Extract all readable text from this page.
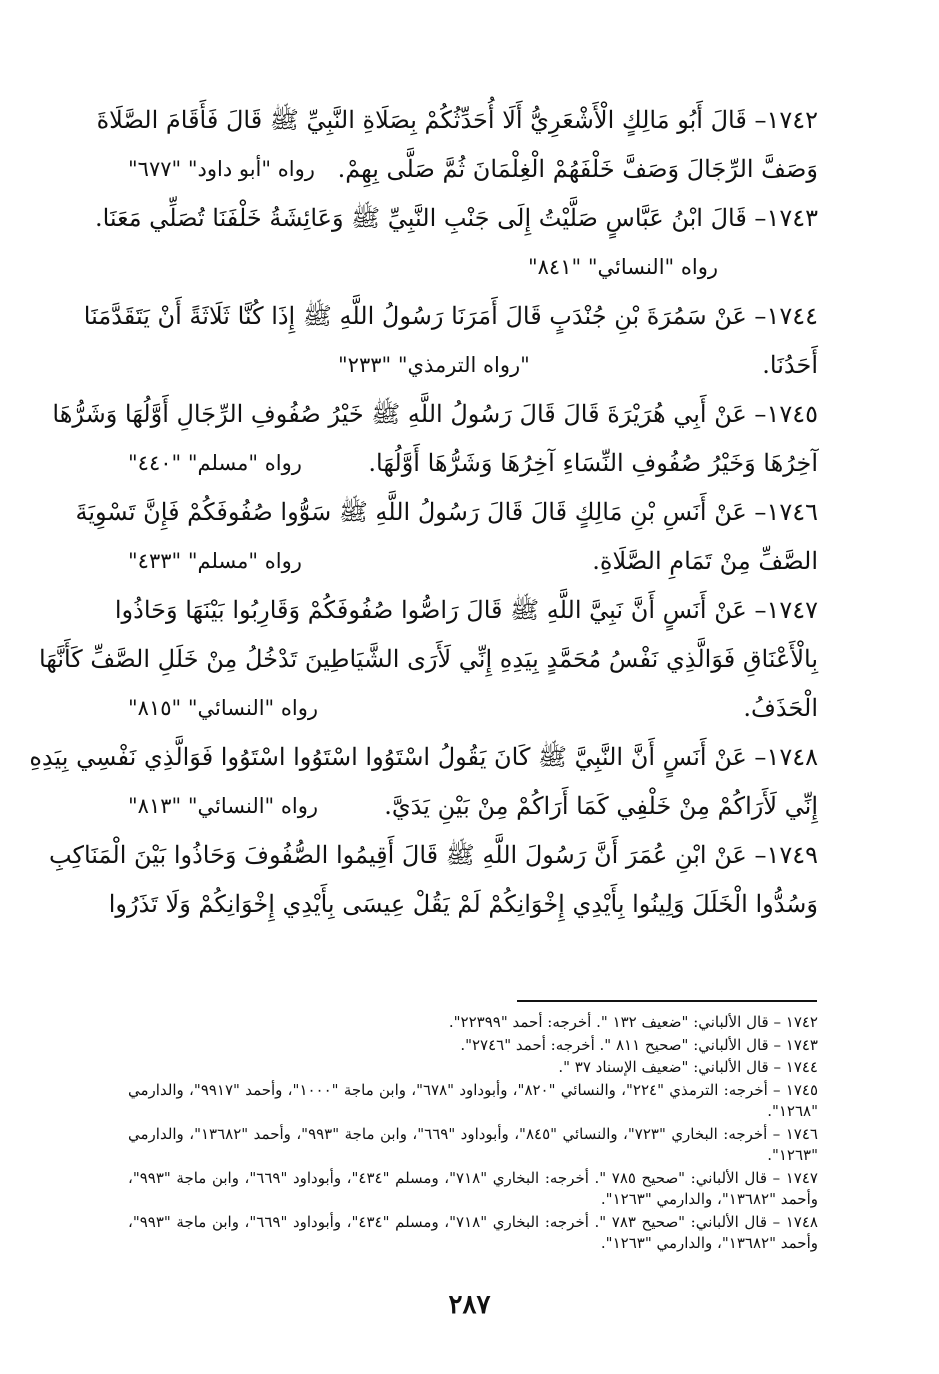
١٧٤٢– قَالَ أَبُو مَالِكٍ الْأَشْعَرِيُّ أَلَا أُحَدِّثُكُمْ بِصَلَاةِ النَّبِيِّ ﷺ قَالَ فَأَقَامَ الصَّلَاةَ
وَصَفَّ الرِّجَالَ وَصَفَّ خَلْفَهُمْ الْغِلْمَانَ ثُمَّ صَلَّى بِهِمْ.
رواه "أبو داود" "٦٧٧"
١٧٤٣– قَالَ ابْنُ عَبَّاسٍ صَلَّيْتُ إِلَى جَنْبِ النَّبِيِّ ﷺ وَعَائِشَةُ خَلْفَنَا تُصَلِّي مَعَنَا.
رواه "النسائي" "٨٤١"
١٧٤٤– عَنْ سَمُرَةَ بْنِ جُنْدَبٍ قَالَ أَمَرَنَا رَسُولُ اللَّهِ ﷺ إِذَا كُنَّا ثَلَاثَةً أَنْ يَتَقَدَّمَنَا
أَحَدُنَا.
"رواه الترمذي" "٢٣٣"
١٧٤٥– عَنْ أَبِي هُرَيْرَةَ قَالَ قَالَ رَسُولُ اللَّهِ ﷺ خَيْرُ صُفُوفِ الرِّجَالِ أَوَّلُهَا وَشَرُّهَا
آخِرُهَا وَخَيْرُ صُفُوفِ النِّسَاءِ آخِرُهَا وَشَرُّهَا أَوَّلُهَا.
رواه "مسلم" "٤٤٠"
١٧٤٦– عَنْ أَنَسِ بْنِ مَالِكٍ قَالَ قَالَ رَسُولُ اللَّهِ ﷺ سَوُّوا صُفُوفَكُمْ فَإِنَّ تَسْوِيَةَ
الصَّفِّ مِنْ تَمَامِ الصَّلَاةِ.
رواه "مسلم" "٤٣٣"
١٧٤٧– عَنْ أَنَسٍ أَنَّ نَبِيَّ اللَّهِ ﷺ قَالَ رَاصُّوا صُفُوفَكُمْ وَقَارِبُوا بَيْنَهَا وَحَاذُوا
بِالْأَعْنَاقِ فَوَالَّذِي نَفْسُ مُحَمَّدٍ بِيَدِهِ إِنِّي لَأَرَى الشَّيَاطِينَ تَدْخُلُ مِنْ خَلَلِ الصَّفِّ كَأَنَّهَا
الْحَذَفُ.
رواه "النسائي" "٨١٥"
١٧٤٨– عَنْ أَنَسٍ أَنَّ النَّبِيَّ ﷺ كَانَ يَقُولُ اسْتَوُوا اسْتَوُوا اسْتَوُوا فَوَالَّذِي نَفْسِي بِيَدِهِ
إِنِّي لَأَرَاكُمْ مِنْ خَلْفِي كَمَا أَرَاكُمْ مِنْ بَيْنِ يَدَيَّ.
رواه "النسائي" "٨١٣"
١٧٤٩– عَنْ ابْنِ عُمَرَ أَنَّ رَسُولَ اللَّهِ ﷺ قَالَ أَقِيمُوا الصُّفُوفَ وَحَاذُوا بَيْنَ الْمَنَاكِبِ
وَسُدُّوا الْخَلَلَ وَلِينُوا بِأَيْدِي إِخْوَانِكُمْ لَمْ يَقُلْ عِيسَى بِأَيْدِي إِخْوَانِكُمْ وَلَا تَذَرُوا
١٧٤٢ – قال الألباني: "ضعيف ١٣٢ ". أخرجه: أحمد "٢٢٣٩٩".
١٧٤٣ – قال الألباني: "صحيح ٨١١ ". أخرجه: أحمد "٢٧٤٦".
١٧٤٤ – قال الألباني: "ضعيف الإسناد ٣٧ ".
١٧٤٥ – أخرجه: الترمذي "٢٢٤"، والنسائي "٨٢٠"، وأبوداود "٦٧٨"، وابن ماجة "١٠٠٠"، وأحمد "٩٩١٧"، والدارمي "١٢٦٨".
١٧٤٦ – أخرجه: البخاري "٧٢٣"، والنسائي "٨٤٥"، وأبوداود "٦٦٩"، وابن ماجة "٩٩٣"، وأحمد "١٣٦٨٢"، والدارمي "١٢٦٣".
١٧٤٧ – قال الألباني: "صحيح ٧٨٥ ". أخرجه: البخاري "٧١٨"، ومسلم "٤٣٤"، وأبوداود "٦٦٩"، وابن ماجة "٩٩٣"، وأحمد "١٣٦٨٢"، والدارمي "١٢٦٣".
١٧٤٨ – قال الألباني: "صحيح ٧٨٣ ". أخرجه: البخاري "٧١٨"، ومسلم "٤٣٤"، وأبوداود "٦٦٩"، وابن ماجة "٩٩٣"، وأحمد "١٣٦٨٢"، والدارمي "١٢٦٣".
٢٨٧
